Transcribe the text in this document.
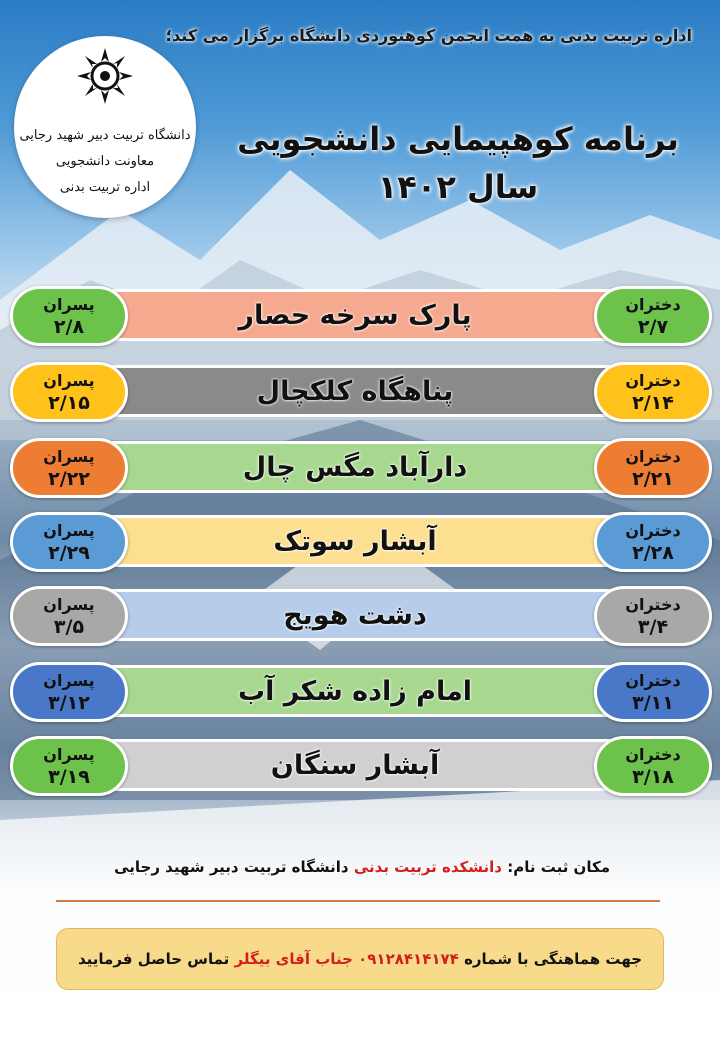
اداره تربیت بدنی به همت انجمن کوهنوردی دانشگاه برگزار می کند؛
دانشگاه تربیت دبیر شهید رجایی
معاونت دانشجویی
اداره تربیت بدنی
برنامه کوهپیمایی دانشجویی
سال ۱۴۰۲
پارک سرخه حصار
پسران
۲/۸
دختران
۲/۷
پناهگاه کلکچال
پسران
۲/۱۵
دختران
۲/۱۴
دارآباد مگس چال
پسران
۲/۲۲
دختران
۲/۲۱
آبشار سوتک
پسران
۲/۲۹
دختران
۲/۲۸
دشت هویج
پسران
۳/۵
دختران
۳/۴
امام زاده شکر آب
پسران
۳/۱۲
دختران
۳/۱۱
آبشار سنگان
پسران
۳/۱۹
دختران
۳/۱۸
مکان ثبت نام: دانشکده تربیت بدنی دانشگاه تربیت دبیر شهید رجایی
جهت هماهنگی با شماره

۰۹۱۲۸۴۱۴۱۷۴ جناب آقای بیگلر

تماس حاصل فرمایید
